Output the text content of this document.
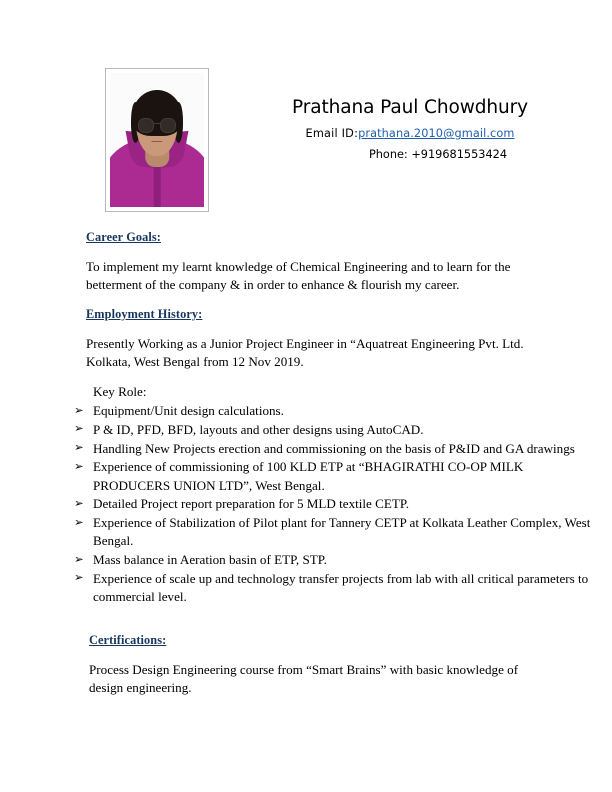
Prathana Paul Chowdhury
Email ID:prathana.2010@gmail.com
Phone: +919681553424
Career Goals:
To implement my learnt knowledge of Chemical Engineering and to learn for the betterment of the company & in order to enhance & flourish my career.
Employment History:
Presently Working as a Junior Project Engineer in “Aquatreat Engineering Pvt. Ltd. Kolkata, West Bengal from 12 Nov 2019.
Key Role:
➢ Equipment/Unit design calculations.
➢ P & ID, PFD, BFD, layouts and other designs using AutoCAD.
➢ Handling New Projects erection and commissioning on the basis of P&ID and GA drawings
➢ Experience of commissioning of 100 KLD ETP at “BHAGIRATHI CO-OP MILK PRODUCERS UNION LTD”, West Bengal.
➢ Detailed Project report preparation for 5 MLD textile CETP.
➢ Experience of Stabilization of Pilot plant for Tannery CETP at Kolkata Leather Complex, West Bengal.
➢ Mass balance in Aeration basin of ETP, STP.
➢ Experience of scale up and technology transfer projects from lab with all critical parameters to commercial level.
Certifications:
Process Design Engineering course from “Smart Brains” with basic knowledge of design engineering.
